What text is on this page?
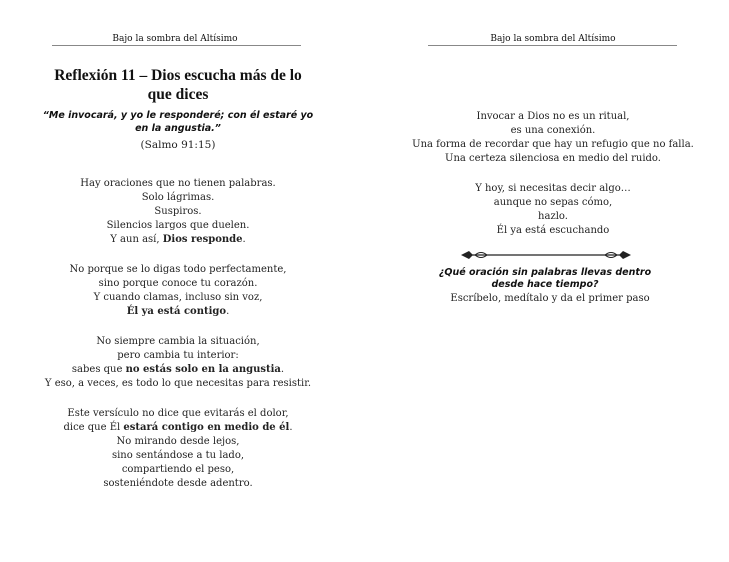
Bajo la sombra del Altísimo
Reflexión 11 – Dios escucha más de lo que dices
“Me invocará, y yo le responderé; con él estaré yo en la angustia.”
(Salmo 91:15)
Hay oraciones que no tienen palabras.
Solo lágrimas.
Suspiros.
Silencios largos que duelen.
Y aun así, Dios responde.
No porque se lo digas todo perfectamente,
sino porque conoce tu corazón.
Y cuando clamas, incluso sin voz,
Él ya está contigo.
No siempre cambia la situación,
pero cambia tu interior:
sabes que no estás solo en la angustia.
Y eso, a veces, es todo lo que necesitas para resistir.
Este versículo no dice que evitarás el dolor,
dice que Él estará contigo en medio de él.
No mirando desde lejos,
sino sentándose a tu lado,
compartiendo el peso,
sosteniéndote desde adentro.
Bajo la sombra del Altísimo
Invocar a Dios no es un ritual,
es una conexión.
Una forma de recordar que hay un refugio que no falla.
Una certeza silenciosa en medio del ruido.
Y hoy, si necesitas decir algo…
aunque no sepas cómo,
hazlo.
Él ya está escuchando
¿Qué oración sin palabras llevas dentro desde hace tiempo?
Escríbelo, medítalo y da el primer paso
